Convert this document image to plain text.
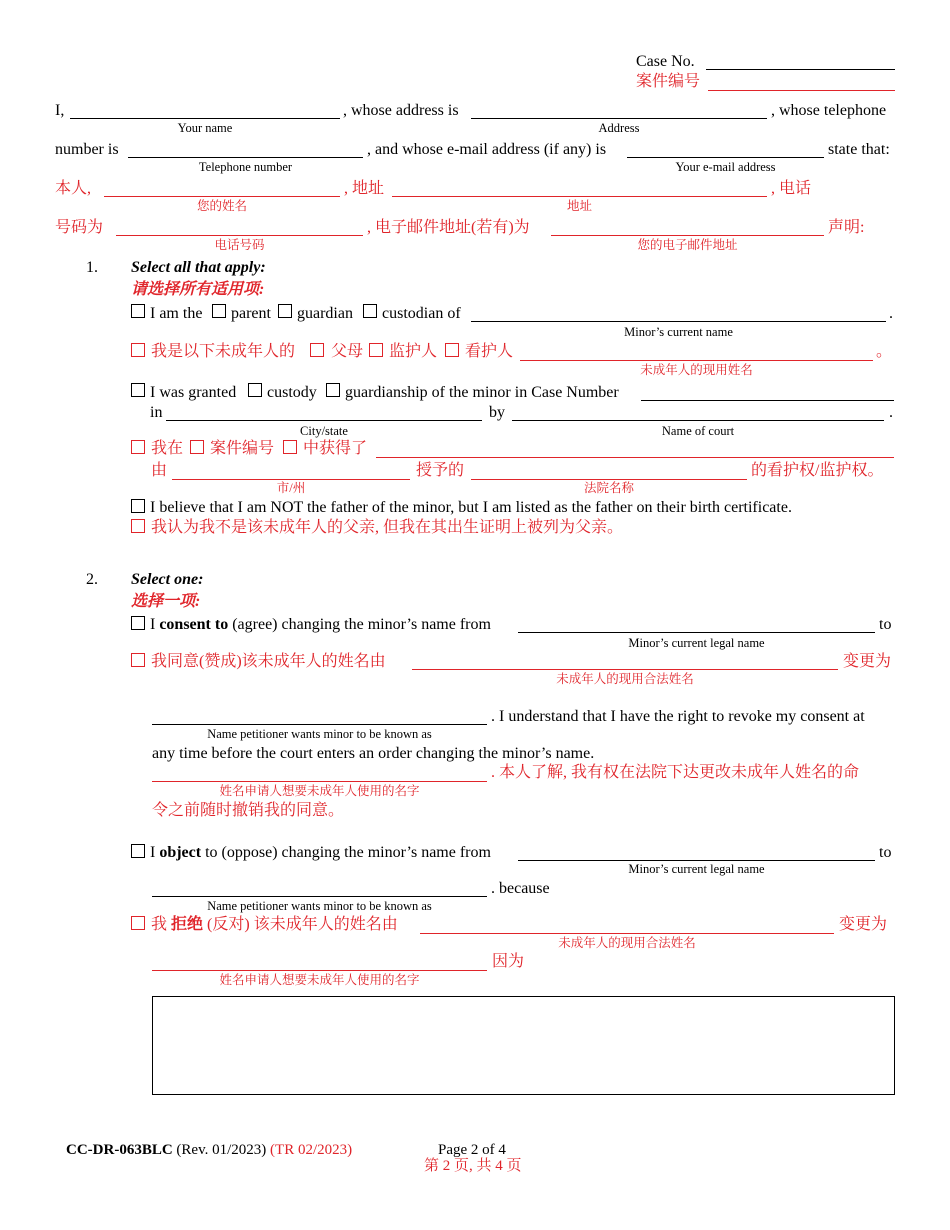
Case No.
案件编号
I,	, whose address is	, whose telephone
Your name	Address
number is	, and whose e-mail address (if any) is	state that:
Telephone number	Your e-mail address
本人,	, 地址	, 电话
您的姓名	地址
号码为	, 电子邮件地址(若有)为	声明:
电话号码	您的电子邮件地址
1. Select all that apply:
请选择所有适用项:
I am the parent guardian custodian of	.
Minor’s current name
我是以下未成年人的 父母 监护人 看护人	。
未成年人的现用姓名
I was granted custody guardianship of the minor in Case Number
in	by	.
City/state	Name of court
我在 案件编号 中获得了
由	授予的	的看护权/监护权。
市/州	法院名称
I believe that I am NOT the father of the minor, but I am listed as the father on their birth certificate.
我认为我不是该未成年人的父亲, 但我在其出生证明上被列为父亲。
2. Select one:
选择一项:
I consent to (agree) changing the minor’s name from	to
Minor’s current legal name
我同意(赞成)该未成年人的姓名由	变更为
未成年人的现用合法姓名
. I understand that I have the right to revoke my consent at
Name petitioner wants minor to be known as
any time before the court enters an order changing the minor’s name.
. 本人了解, 我有权在法院下达更改未成年人姓名的命
姓名申请人想要未成年人使用的名字
令之前随时撤销我的同意。
I object to (oppose) changing the minor’s name from	to
Minor’s current legal name
. because
Name petitioner wants minor to be known as
我 拒绝 (反对) 该未成年人的姓名由	变更为
未成年人的现用合法姓名
因为
姓名申请人想要未成年人使用的名字
CC-DR-063BLC (Rev. 01/2023) (TR 02/2023)	Page 2 of 4
第 2 页, 共 4 页
